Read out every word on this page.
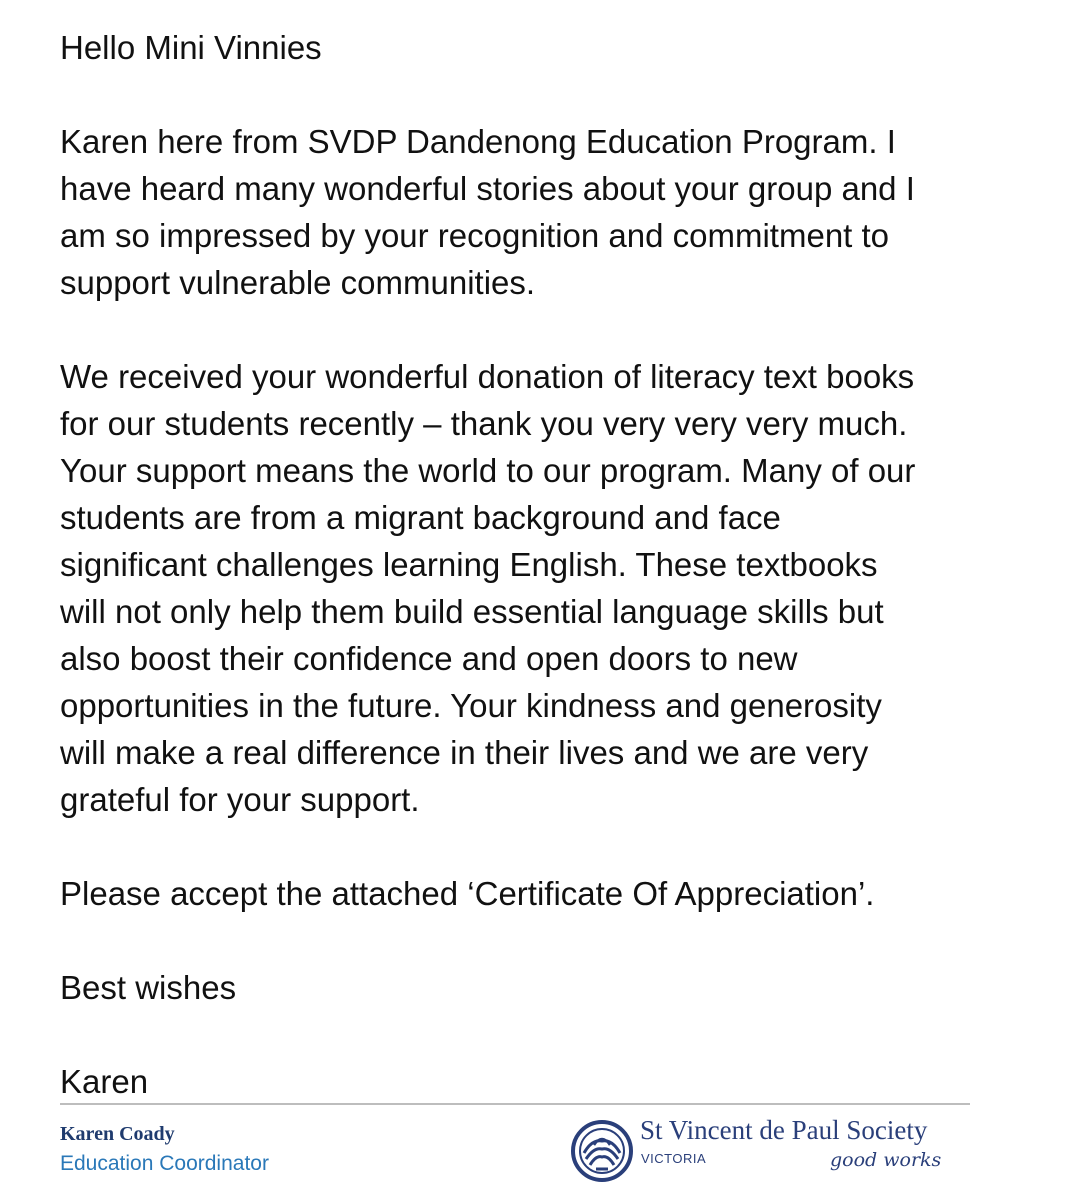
Hello Mini Vinnies

Karen here from SVDP Dandenong Education Program. I
have heard many wonderful stories about your group and I
am so impressed by your recognition and commitment to
support vulnerable communities.

We received your wonderful donation of literacy text books
for our students recently – thank you very very very much.
Your support means the world to our program. Many of our
students are from a migrant background and face
significant challenges learning English. These textbooks
will not only help them build essential language skills but
also boost their confidence and open doors to new
opportunities in the future. Your kindness and generosity
will make a real difference in their lives and we are very
grateful for your support.

Please accept the attached ‘Certificate Of Appreciation’.

Best wishes

Karen

Karen Coady
Education Coordinator
St Vincent de Paul Society
VICTORIA	good works
